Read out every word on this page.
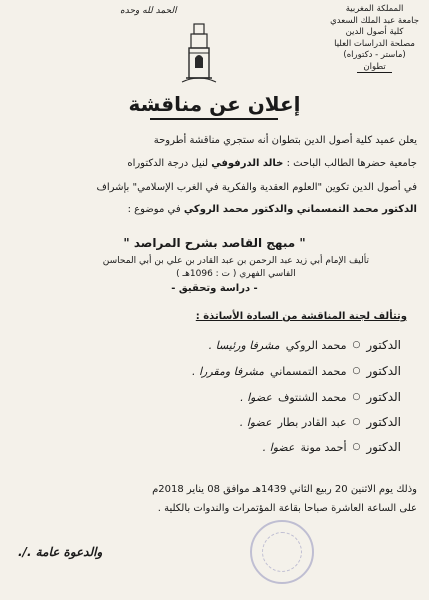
الحمد لله وحده	المملكة المغربية
جامعة عبد الملك السعدي
كلية أصول الدين
مصلحة الدراسات العليا
(ماستر - دكتوراه)
تطوان
إعلان عن مناقشة
يعلن عميد كلية أصول الدين بتطوان أنه ستجري مناقشة أطروحة
جامعية حضرها الطالب الباحث : خالد الدرفوفي لنيل درجة الدكتوراه
في أصول الدين تكوين "العلوم العقدية والفكرية في الغرب الإسلامي" بإشراف
الدكتور محمد التمسماني والدكتور محمد الروكي في موضوع :
" مبهج القاصد بشرح المراصد "
تأليف الإمام أبي زيد عبد الرحمن بن عبد القادر بن علي بن أبي المحاسن
الفاسي الفهري ( ت : 1096هـ )
- دراسة وتحقيق -
وتتألف لجنة المناقشة من السادة الأساتذة :
الدكتور
○
محمد الروكي
مشرفا ورئيسا .
الدكتور
○
محمد التمسماني
مشرفا ومقررا .
الدكتور
○
محمد الشنتوف
عضوا .
الدكتور
○
عبد القادر بطار
عضوا .
الدكتور
○
أحمد مونة
عضوا .
وذلك يوم الاثنين 20 ربيع الثاني 1439هـ موافق 08 يناير 2018م
على الساعة العاشرة صباحا بقاعة المؤتمرات والندوات بالكلية .
والدعوة عامة ./.
